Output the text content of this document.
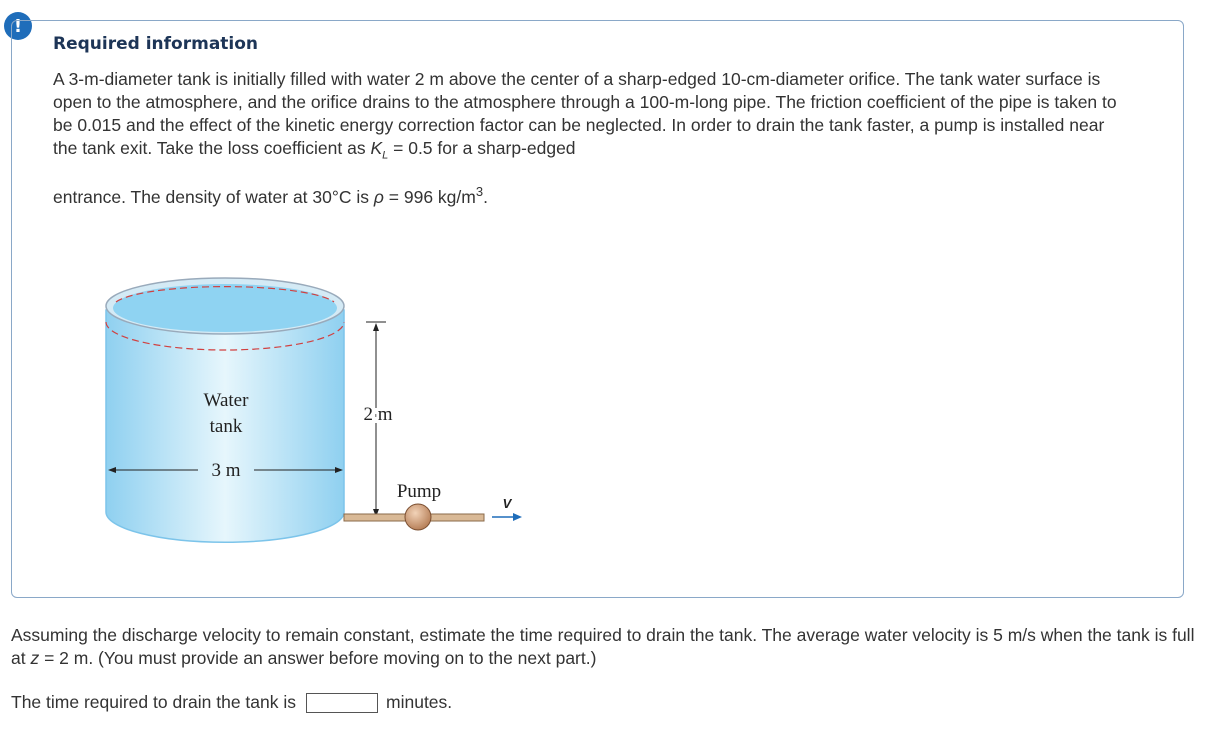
!
Required information

A 3-m-diameter tank is initially filled with water 2 m above the center of a sharp-edged 10-cm-diameter orifice. The tank water surface is open to the atmosphere, and the orifice drains to the atmosphere through a 100-m-long pipe. The friction coefficient of the pipe is taken to be 0.015 and the effect of the kinetic energy correction factor can be neglected. In order to drain the tank faster, a pump is installed near the tank exit. Take the loss coefficient as $K_L = 0.5$ for a sharp-edged
entrance. The density of water at 30°C is ρ = 996 $kg/m^3$.

Water
tank
3 m
2 m
Pump
V

Assuming the discharge velocity to remain constant, estimate the time required to drain the tank. The average water velocity is 5 m/s when the tank is full at z = 2 m. (You must provide an answer before moving on to the next part.)

The time required to drain the tank is	minutes.
